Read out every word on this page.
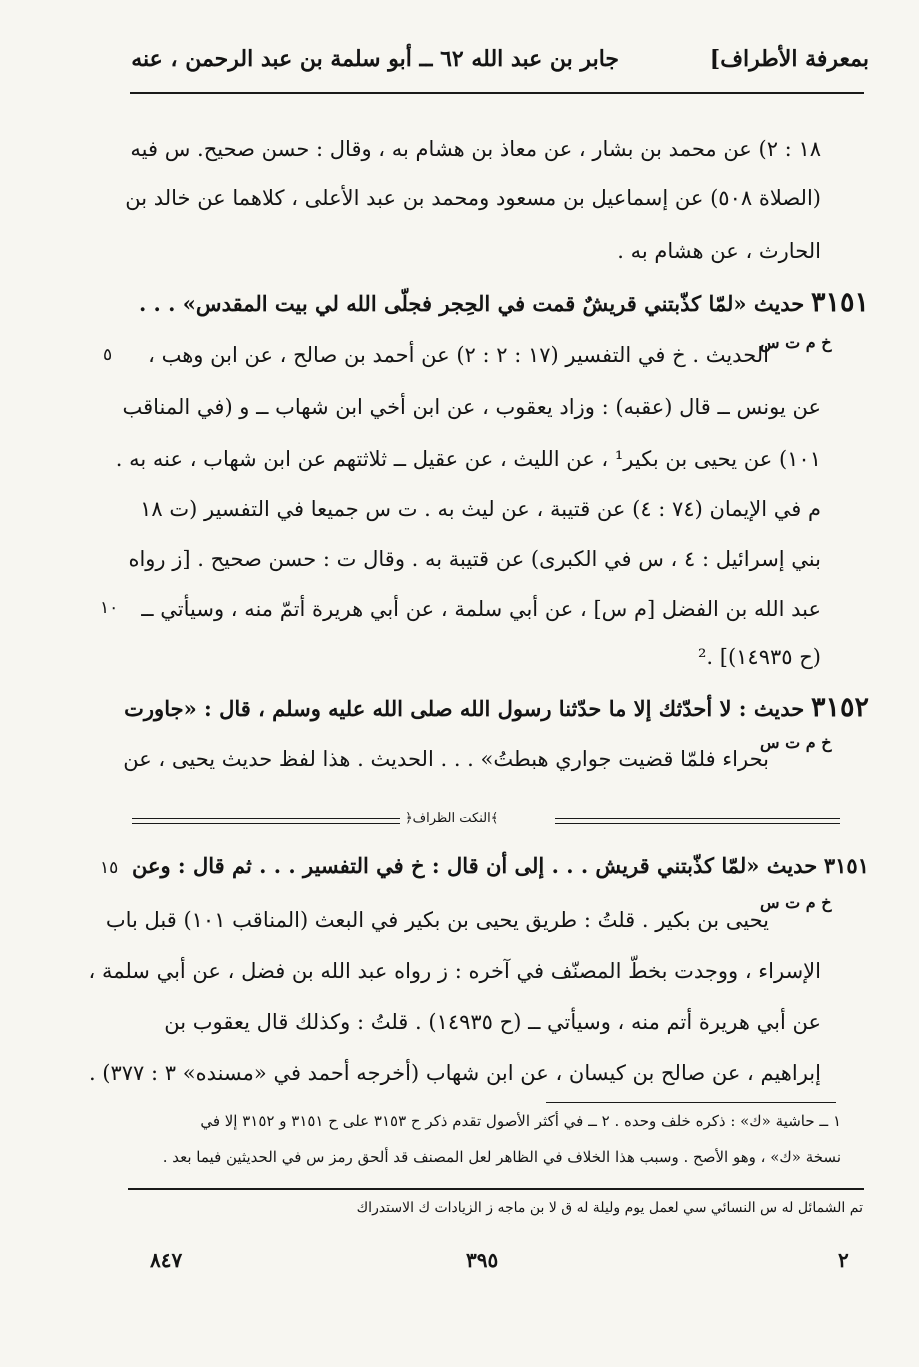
بمعرفة الأطراف]
جابر بن عبد الله ٦٢ ــ أبو سلمة بن عبد الرحمن ، عنه
١٨ : ٢) عن محمد بن بشار ، عن معاذ بن هشام به ، وقال : حسن صحيح. س فيه
(الصلاة ٥٠٨) عن إسماعيل بن مسعود ومحمد بن عبد الأعلى ، كلاهما عن خالد بن
الحارث ، عن هشام به .
٣١٥١ حديث «لمّا كذّبتني قريشٌ قمت في الحِجر فجلّى الله لي بيت المقدس» . . .
خ م ت س
٥ الحديث . خ في التفسير (١٧ : ٢ : ٢) عن أحمد بن صالح ، عن ابن وهب ،
عن يونس ــ قال (عقبه) : وزاد يعقوب ، عن ابن أخي ابن شهاب ــ و (في المناقب
١٠١) عن يحيى بن بكير¹ ، عن الليث ، عن عقيل ــ ثلاثتهم عن ابن شهاب ، عنه به .
م في الإيمان (٧٤ : ٤) عن قتيبة ، عن ليث به . ت س جميعا في التفسير (ت ١٨
بني إسرائيل : ٤ ، س في الكبرى) عن قتيبة به . وقال ت : حسن صحيح . [ز رواه
عبد الله بن الفضل [م س] ، عن أبي سلمة ، عن أبي هريرة أتمّ منه ، وسيأتي ــ
١٠
(ح ١٤٩٣٥)] .²
٣١٥٢ حديث : لا أحدّثك إلا ما حدّثنا رسول الله صلى الله عليه وسلم ، قال : «جاورت
خ م ت س
بحراء فلمّا قضيت جواري هبطتُ» . . . الحديث . هذا لفظ حديث يحيى ، عن
﴿النكت الظراف﴾
٣١٥١ حديث «لمّا كذّبتني قريش . . . إلى أن قال : خ في التفسير . . . ثم قال : وعن
١٥
خ م ت س
يحيى بن بكير . قلتُ : طريق يحيى بن بكير في البعث (المناقب ١٠١) قبل باب
الإسراء ، ووجدت بخطّ المصنّف في آخره : ز رواه عبد الله بن فضل ، عن أبي سلمة ،
عن أبي هريرة أتم منه ، وسيأتي ــ (ح ١٤٩٣٥) . قلتُ : وكذلك قال يعقوب بن
إبراهيم ، عن صالح بن كيسان ، عن ابن شهاب (أخرجه أحمد في «مسنده» ٣ : ٣٧٧) .
١ ــ حاشية «ك» : ذكره خلف وحده . ٢ ــ في أكثر الأصول تقدم ذكر ح ٣١٥٣ على ح ٣١٥١ و ٣١٥٢ إلا في
نسخة «ك» ، وهو الأصح . وسبب هذا الخلاف في الظاهر لعل المصنف قد ألحق رمز س في الحديثين فيما بعد .
تم الشمائل له س النسائي سي لعمل يوم وليلة له ق لا بن ماجه ز الزيادات ك الاستدراك
٢
٣٩٥
٨٤٧
